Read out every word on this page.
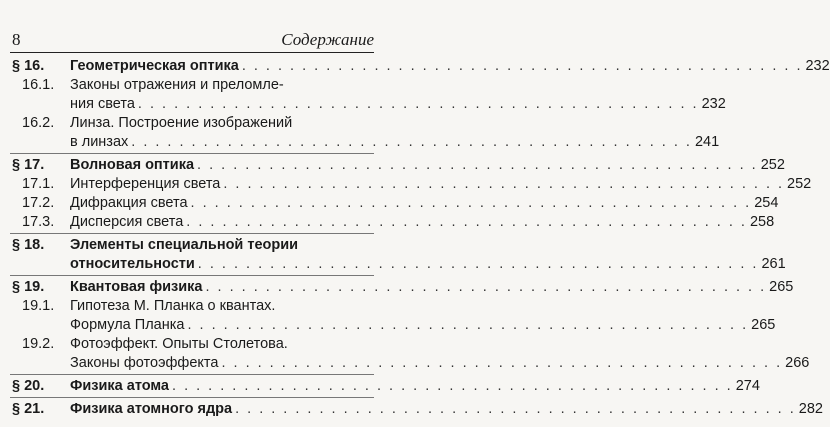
8	Содержание
§ 16.	Геометрическая оптика . . . . . . . . . . . . . . . . . . . . . . . . . . . . . . . . . . . . . . . . . . . . . . . 232
16.1.	Законы отражения и преломле-
ния света . . . . . . . . . . . . . . . . . . . . . . . . . . . . . . . . . . . . . . . . . . . . . . . 232
16.2.	Линза. Построение изображений
в линзах . . . . . . . . . . . . . . . . . . . . . . . . . . . . . . . . . . . . . . . . . . . . . . . 241
§ 17.	Волновая оптика . . . . . . . . . . . . . . . . . . . . . . . . . . . . . . . . . . . . . . . . . . . . . . . 252
17.1.	Интерференция света . . . . . . . . . . . . . . . . . . . . . . . . . . . . . . . . . . . . . . . . . . . . . . . 252
17.2.	Дифракция света . . . . . . . . . . . . . . . . . . . . . . . . . . . . . . . . . . . . . . . . . . . . . . . 254
17.3.	Дисперсия света . . . . . . . . . . . . . . . . . . . . . . . . . . . . . . . . . . . . . . . . . . . . . . . 258
§ 18.	Элементы специальной теории
относительности . . . . . . . . . . . . . . . . . . . . . . . . . . . . . . . . . . . . . . . . . . . . . . . 261
§ 19.	Квантовая физика . . . . . . . . . . . . . . . . . . . . . . . . . . . . . . . . . . . . . . . . . . . . . . . 265
19.1.	Гипотеза М. Планка о квантах.
Формула Планка . . . . . . . . . . . . . . . . . . . . . . . . . . . . . . . . . . . . . . . . . . . . . . . 265
19.2.	Фотоэффект. Опыты Столетова.
Законы фотоэффекта . . . . . . . . . . . . . . . . . . . . . . . . . . . . . . . . . . . . . . . . . . . . . . . 266
§ 20.	Физика атома . . . . . . . . . . . . . . . . . . . . . . . . . . . . . . . . . . . . . . . . . . . . . . . 274
§ 21.	Физика атомного ядра . . . . . . . . . . . . . . . . . . . . . . . . . . . . . . . . . . . . . . . . . . . . . . . 282
